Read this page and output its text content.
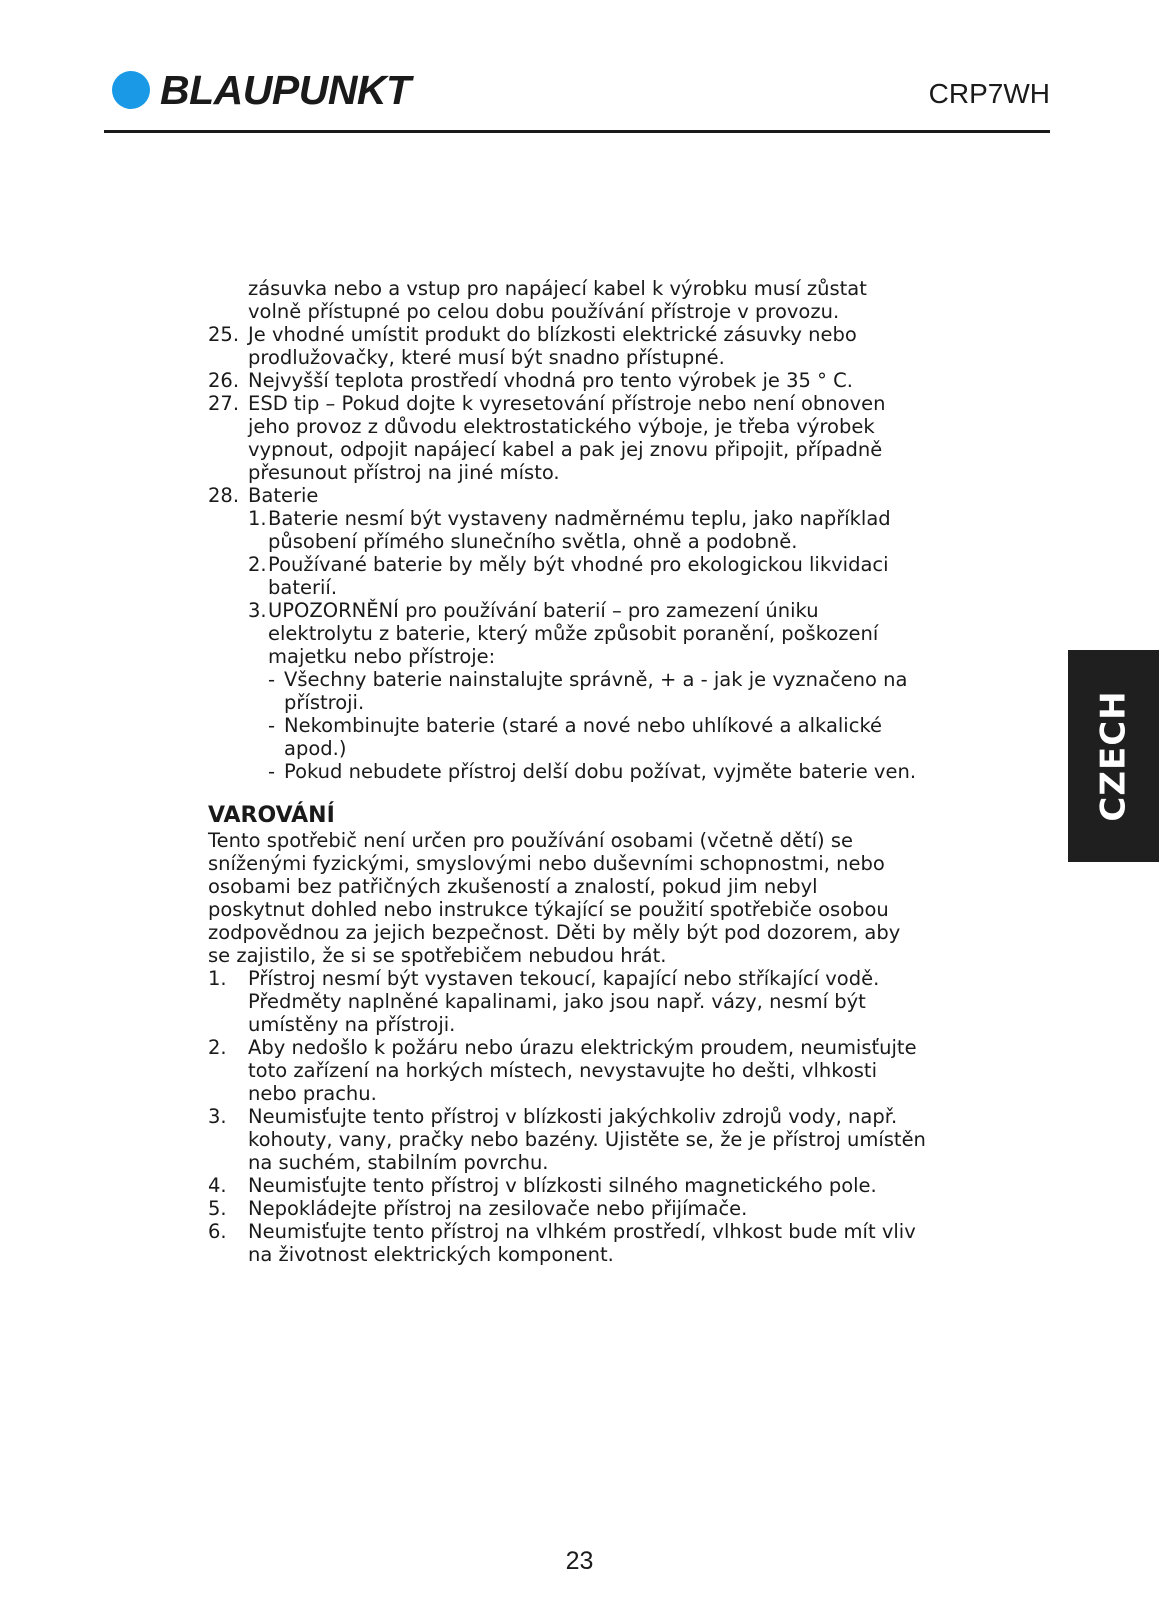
BLAUPUNKT	CRP7WH
CZECH
zásuvka nebo a vstup pro napájecí kabel k výrobku musí zůstat
volně přístupné po celou dobu používání přístroje v provozu.
25. Je vhodné umístit produkt do blízkosti elektrické zásuvky nebo
prodlužovačky, které musí být snadno přístupné.
26. Nejvyšší teplota prostředí vhodná pro tento výrobek je 35 ° C.
27. ESD tip – Pokud dojte k vyresetování přístroje nebo není obnoven
jeho provoz z důvodu elektrostatického výboje, je třeba výrobek
vypnout, odpojit napájecí kabel a pak jej znovu připojit, případně
přesunout přístroj na jiné místo.
28. Baterie
1. Baterie nesmí být vystaveny nadměrnému teplu, jako například
působení přímého slunečního světla, ohně a podobně.
2. Používané baterie by měly být vhodné pro ekologickou likvidaci
baterií.
3. UPOZORNĚNÍ pro používání baterií – pro zamezení úniku
elektrolytu z baterie, který může způsobit poranění, poškození
majetku nebo přístroje:
- Všechny baterie nainstalujte správně, + a - jak je vyznačeno na
přístroji.
- Nekombinujte baterie (staré a nové nebo uhlíkové a alkalické
apod.)
- Pokud nebudete přístroj delší dobu požívat, vyjměte baterie ven.
VAROVÁNÍ
Tento spotřebič není určen pro používání osobami (včetně dětí) se
sníženými fyzickými, smyslovými nebo duševními schopnostmi, nebo
osobami bez patřičných zkušeností a znalostí, pokud jim nebyl
poskytnut dohled nebo instrukce týkající se použití spotřebiče osobou
zodpovědnou za jejich bezpečnost. Děti by měly být pod dozorem, aby
se zajistilo, že si se spotřebičem nebudou hrát.
1. Přístroj nesmí být vystaven tekoucí, kapající nebo stříkající vodě.
Předměty naplněné kapalinami, jako jsou např. vázy, nesmí být
umístěny na přístroji.
2. Aby nedošlo k požáru nebo úrazu elektrickým proudem, neumisťujte
toto zařízení na horkých místech, nevystavujte ho dešti, vlhkosti
nebo prachu.
3. Neumisťujte tento přístroj v blízkosti jakýchkoliv zdrojů vody, např.
kohouty, vany, pračky nebo bazény. Ujistěte se, že je přístroj umístěn
na suchém, stabilním povrchu.
4. Neumisťujte tento přístroj v blízkosti silného magnetického pole.
5. Nepokládejte přístroj na zesilovače nebo přijímače.
6. Neumisťujte tento přístroj na vlhkém prostředí, vlhkost bude mít vliv
na životnost elektrických komponent.
23
